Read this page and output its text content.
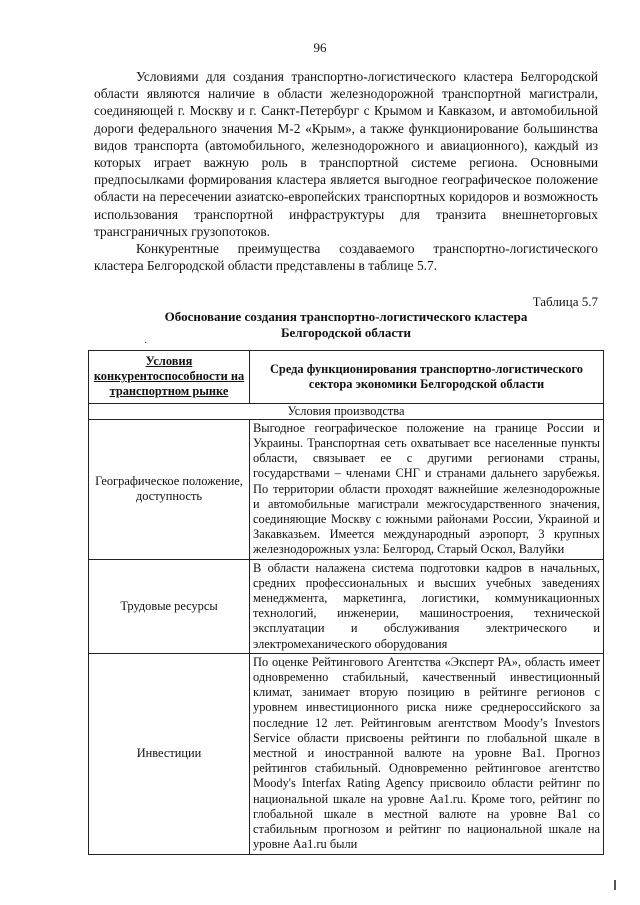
96

Условиями для создания транспортно-логистического кластера Белгородской области являются наличие в области железнодорожной транспортной магистрали, соединяющей г. Москву и г. Санкт-Петербург с Крымом и Кавказом, и автомобильной дороги федерального значения М-2 «Крым», а также функционирование большинства видов транспорта (автомобильного, железнодорожного и авиационного), каждый из которых играет важную роль в транспортной системе региона. Основными предпосылками формирования кластера является выгодное географическое положение области на пересечении азиатско-европейских транспортных коридоров и возможность использования транспортной инфраструктуры для транзита внешнеторговых трансграничных грузопотоков.

Конкурентные преимущества создаваемого транспортно-логистического кластера Белгородской области представлены в таблице 5.7.

Таблица 5.7
Обоснование создания транспортно-логистического кластера
Белгородской области
·
Условия конкурентоспособности на транспортном рынке	Среда функционирования транспортно-логистического сектора экономики Белгородской области
Условия производства	
Географическое положение, доступность	Выгодное географическое положение на границе России и Украины. Транспортная сеть охватывает все населенные пункты области, связывает ее с другими регионами страны, государствами – членами СНГ и странами дальнего зарубежья. По территории области проходят важнейшие железнодорожные и автомобильные магистрали межгосударственного значения, соединяющие Москву с южными районами России, Украиной и Закавказьем. Имеется международный аэропорт, 3 крупных железнодорожных узла: Белгород, Старый Оскол, Валуйки
Трудовые ресурсы	В области налажена система подготовки кадров в начальных, средних профессиональных и высших учебных заведениях менеджмента, маркетинга, логистики, коммуникационных технологий, инженерии, машиностроения, технической эксплуатации и обслуживания электрического и электромеханического оборудования
Инвестиции	По оценке Рейтингового Агентства «Эксперт РА», область имеет одновременно стабильный, качественный инвестиционный климат, занимает вторую позицию в рейтинге регионов с уровнем инвестиционного риска ниже среднероссийского за последние 12 лет. Рейтинговым агентством Moody’s Investors Service области присвоены рейтинги по глобальной шкале в местной и иностранной валюте на уровне Ba1. Прогноз рейтингов стабильный. Одновременно рейтинговое агентство Moody's Interfax Rating Agency присвоило области рейтинг по национальной шкале на уровне Aa1.ru. Кроме того, рейтинг по глобальной шкале в местной валюте на уровне Ba1 со стабильным прогнозом и рейтинг по национальной шкале на уровне Aa1.ru были
